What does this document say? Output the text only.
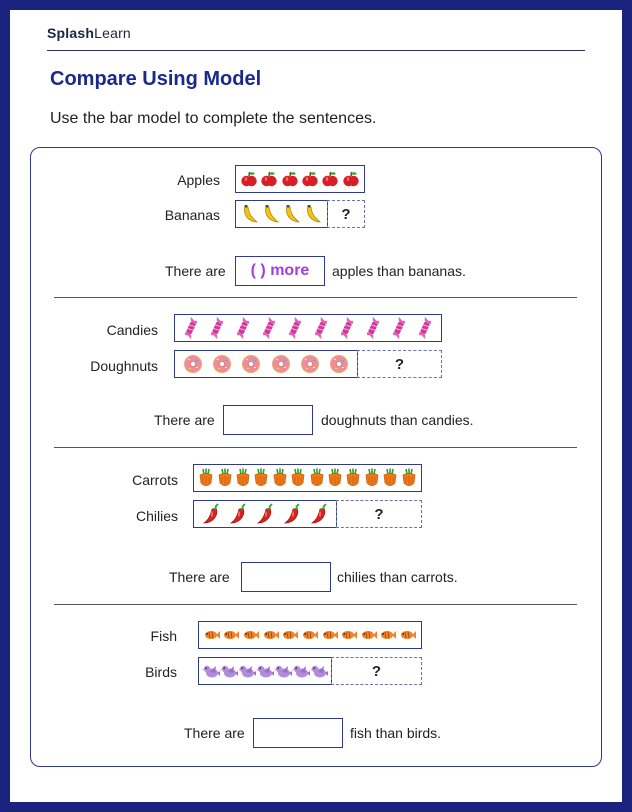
SplashLearn
Compare Using Model
Use the bar model to complete the sentences.
Apples
Bananas	?
There are	( ) more	apples than bananas.
Candies
Doughnuts	?
There are	doughnuts than candies.
Carrots
Chilies	?
There are	chilies than carrots.
Fish
Birds	?
There are	fish than birds.
